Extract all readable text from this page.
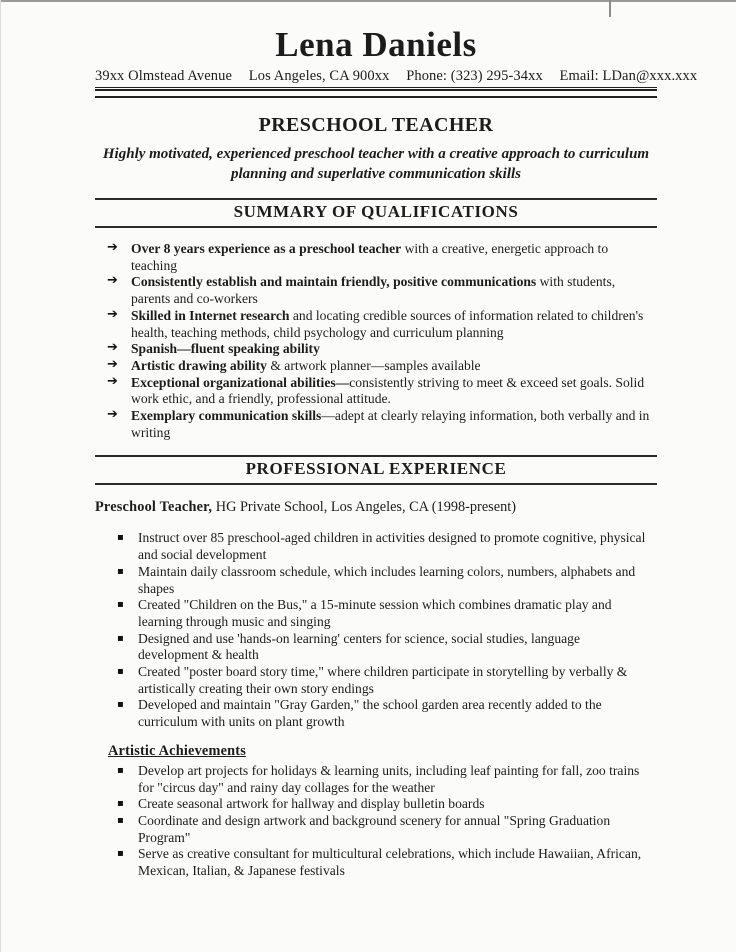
Lena Daniels
39xx Olmstead Avenue Los Angeles, CA 900xx Phone: (323) 295-34xx Email: LDan@xxx.xxx
PRESCHOOL TEACHER

Highly motivated, experienced preschool teacher with a creative approach to curriculum planning and superlative communication skills

SUMMARY OF QUALIFICATIONS
➔ Over 8 years experience as a preschool teacher with a creative, energetic approach to teaching
➔ Consistently establish and maintain friendly, positive communications with students, parents and co-workers
➔ Skilled in Internet research and locating credible sources of information related to children's health, teaching methods, child psychology and curriculum planning
➔ Spanish—fluent speaking ability
➔ Artistic drawing ability & artwork planner—samples available
➔ Exceptional organizational abilities—consistently striving to meet & exceed set goals. Solid work ethic, and a friendly, professional attitude.
➔ Exemplary communication skills—adept at clearly relaying information, both verbally and in writing
PROFESSIONAL EXPERIENCE

Preschool Teacher, HG Private School, Los Angeles, CA (1998-present)

▪ Instruct over 85 preschool-aged children in activities designed to promote cognitive, physical and social development
▪ Maintain daily classroom schedule, which includes learning colors, numbers, alphabets and shapes
▪ Created "Children on the Bus," a 15-minute session which combines dramatic play and learning through music and singing
▪ Designed and use 'hands-on learning' centers for science, social studies, language development & health
▪ Created "poster board story time," where children participate in storytelling by verbally & artistically creating their own story endings
▪ Developed and maintain "Gray Garden," the school garden area recently added to the curriculum with units on plant growth
Artistic Achievements
▪ Develop art projects for holidays & learning units, including leaf painting for fall, zoo trains for "circus day" and rainy day collages for the weather
▪ Create seasonal artwork for hallway and display bulletin boards
▪ Coordinate and design artwork and background scenery for annual "Spring Graduation Program"
▪ Serve as creative consultant for multicultural celebrations, which include Hawaiian, African, Mexican, Italian, & Japanese festivals
